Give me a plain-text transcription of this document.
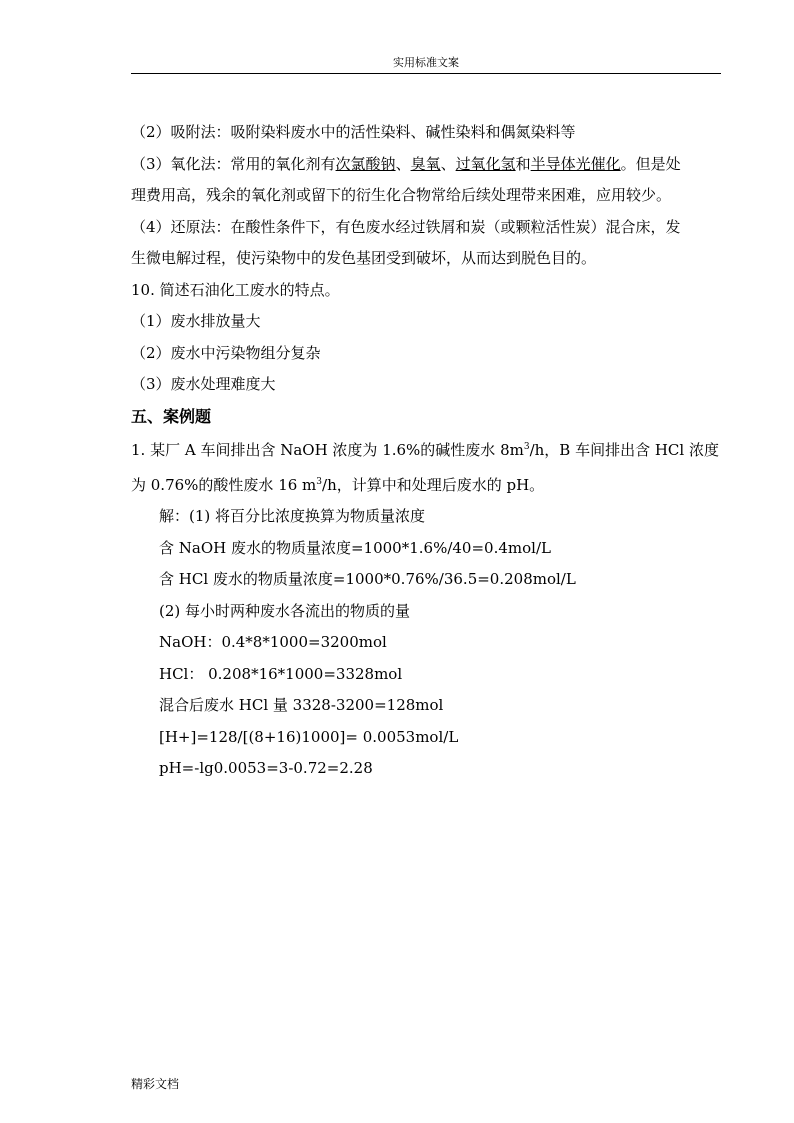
实用标准文案

（2）吸附法：吸附染料废水中的活性染料、碱性染料和偶氮染料等

（3）氧化法：常用的氧化剂有次氯酸钠、臭氧、过氧化氢和半导体光催化。但是处

理费用高，残余的氧化剂或留下的衍生化合物常给后续处理带来困难，应用较少。

（4）还原法：在酸性条件下，有色废水经过铁屑和炭（或颗粒活性炭）混合床，发

生微电解过程，使污染物中的发色基团受到破坏，从而达到脱色目的。

10. 简述石油化工废水的特点。

（1）废水排放量大

（2）废水中污染物组分复杂

（3）废水处理难度大

五、案例题

1. 某厂 A 车间排出含 NaOH 浓度为 1.6%的碱性废水 $8m^3/h$，B 车间排出含 HCl 浓度

为 0.76%的酸性废水 16 $m^3/h$，计算中和处理后废水的 pH。

解：(1) 将百分比浓度换算为物质量浓度

含 NaOH 废水的物质量浓度=1000*1.6%/40=0.4mol/L

含 HCl 废水的物质量浓度=1000*0.76%/36.5=0.208mol/L

(2) 每小时两种废水各流出的物质的量

NaOH：0.4*8*1000=3200mol

HCl： 0.208*16*1000=3328mol

混合后废水 HCl 量 3328-3200=128mol

[H+]=128/[(8+16)1000]= 0.0053mol/L

pH=-lg0.0053=3-0.72=2.28

精彩文档
